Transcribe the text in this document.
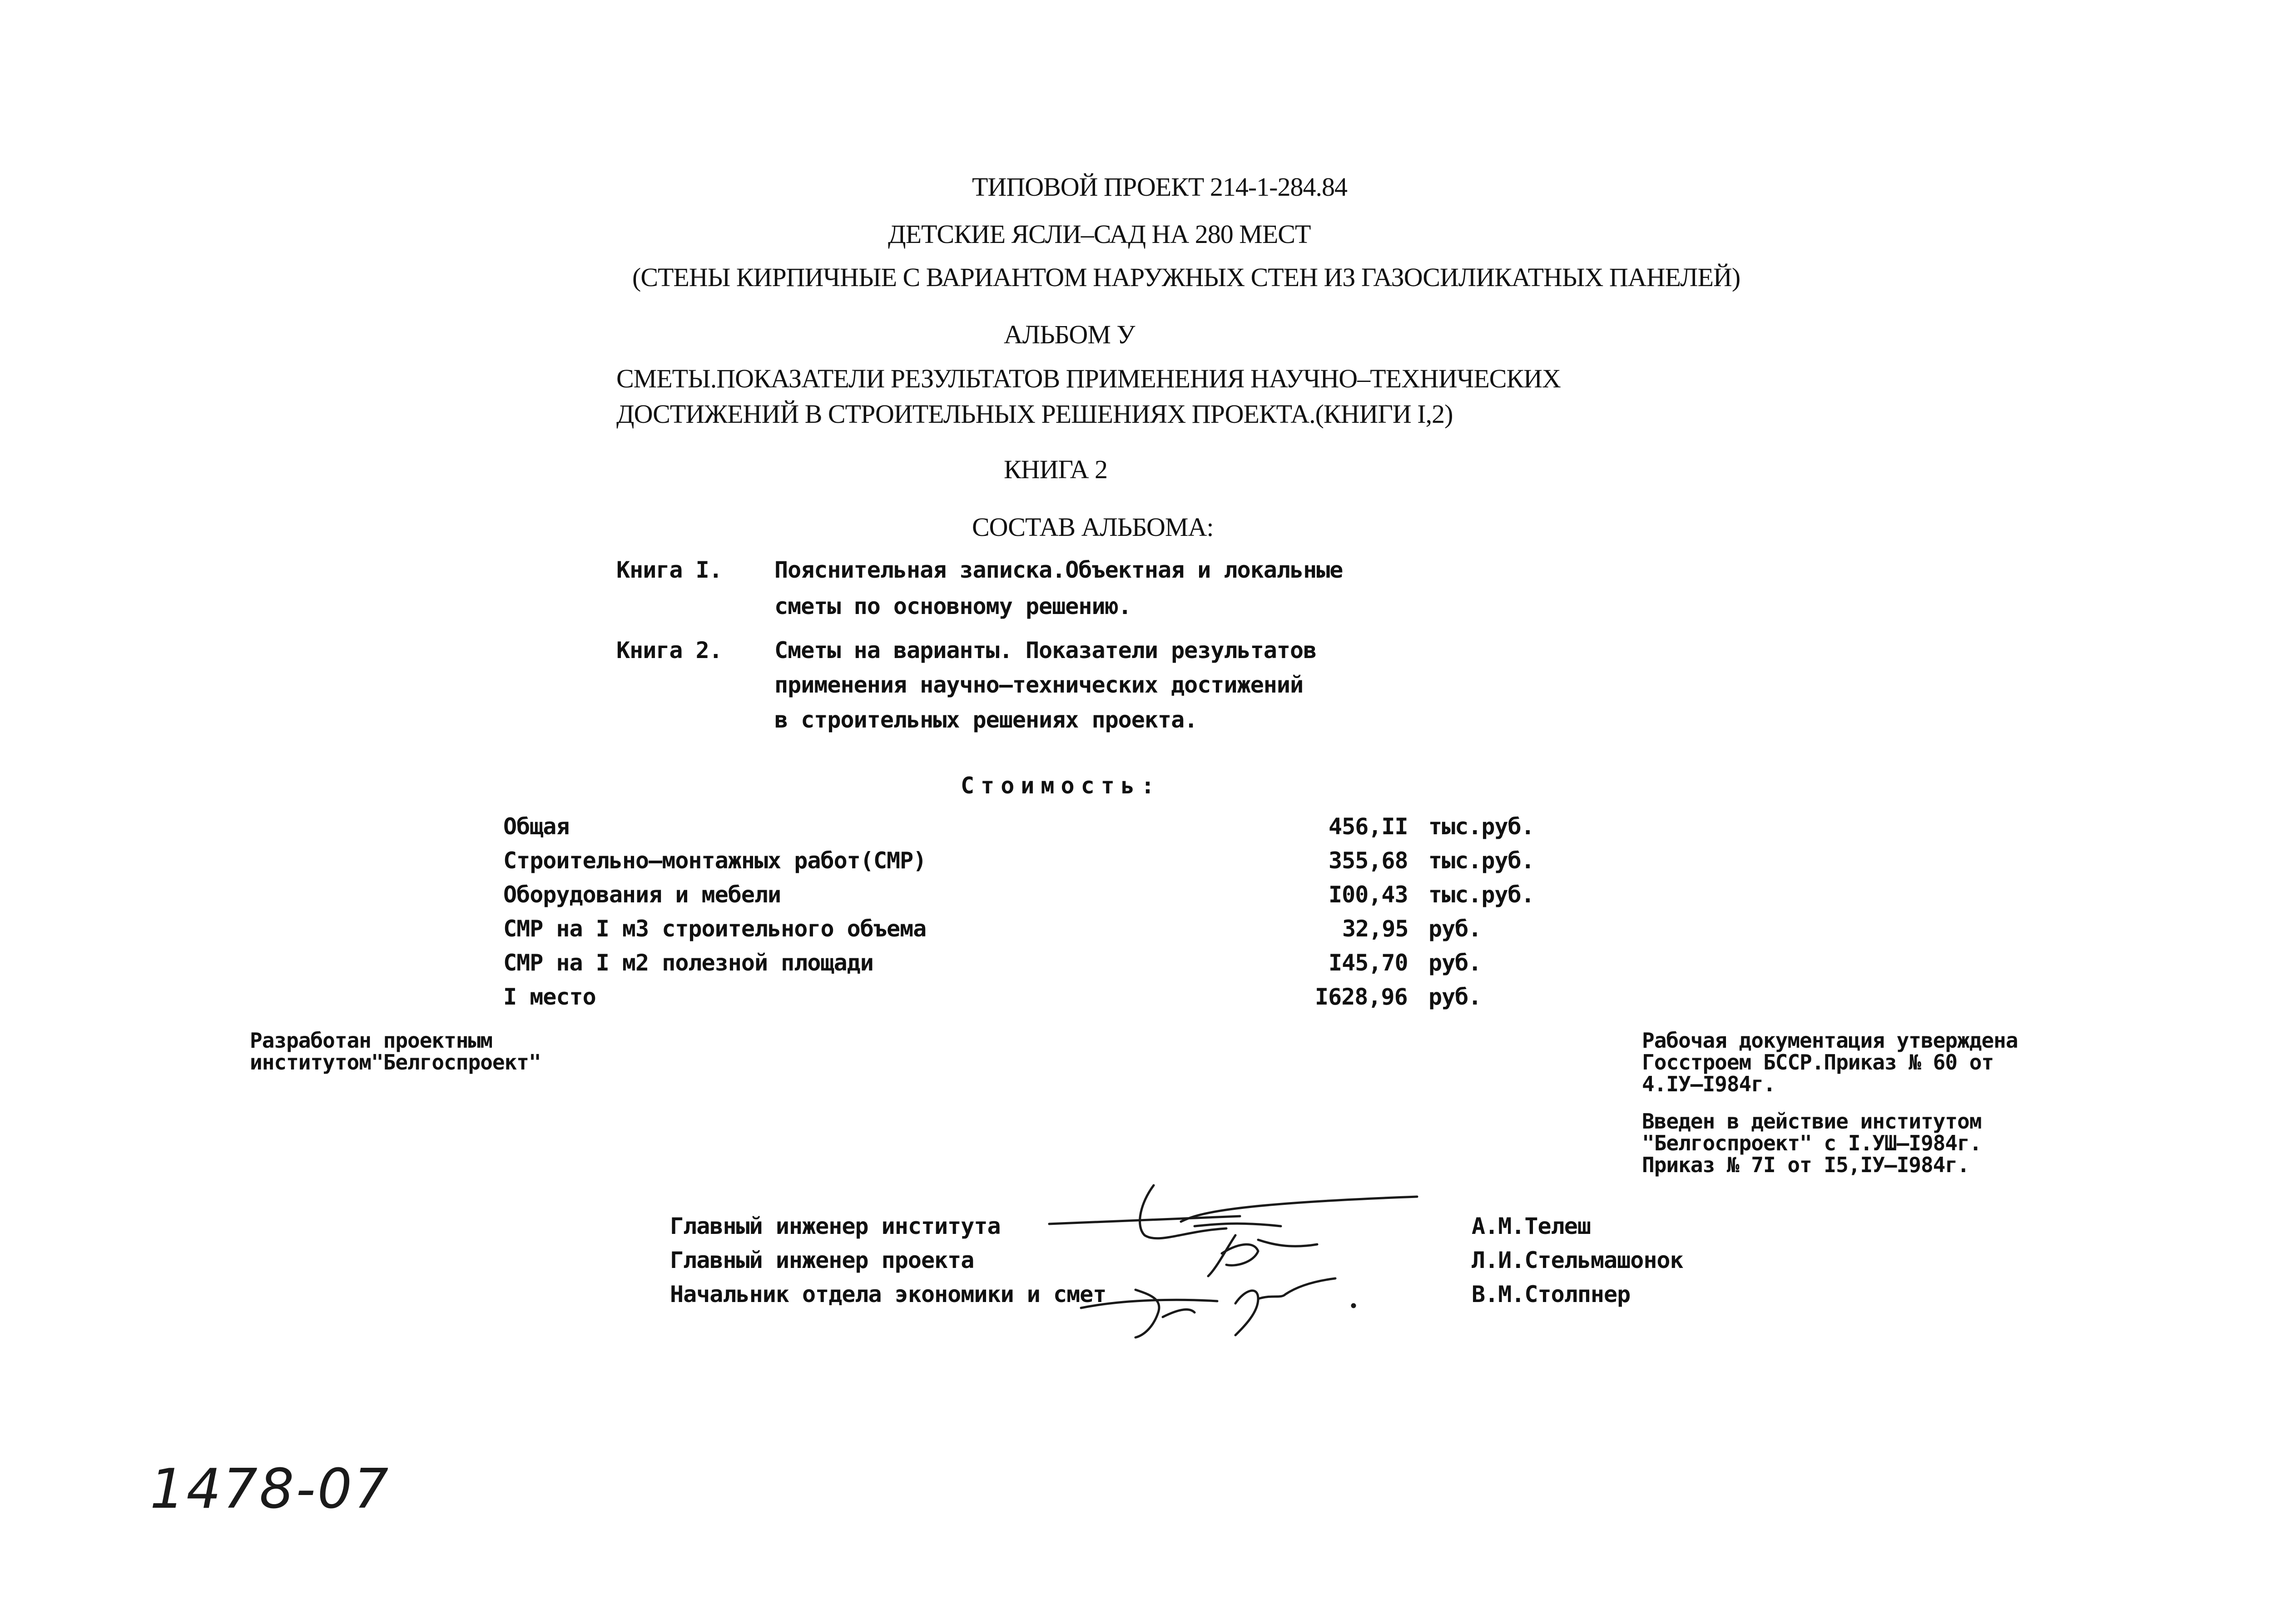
ТИПОВОЙ ПРОЕКТ 214-1-284.84
ДЕТСКИЕ ЯСЛИ–САД НА 280 МЕСТ
(СТЕНЫ КИРПИЧНЫЕ С ВАРИАНТОМ НАРУЖНЫХ СТЕН ИЗ ГАЗОСИЛИКАТНЫХ ПАНЕЛЕЙ)
АЛЬБОМ У
СМЕТЫ.ПОКАЗАТЕЛИ РЕЗУЛЬТАТОВ ПРИМЕНЕНИЯ НАУЧНО–ТЕХНИЧЕСКИХ
ДОСТИЖЕНИЙ В СТРОИТЕЛЬНЫХ РЕШЕНИЯХ ПРОЕКТА.(КНИГИ I,2)
КНИГА 2
СОСТАВ АЛЬБОМА:
Книга I. Пояснительная записка.Объектная и локальные
сметы по основному решению.
Книга 2. Сметы на варианты. Показатели результатов
применения научно–технических достижений
в строительных решениях проекта.
Стоимость:
Общая	456,II тыс.руб.
Строительно–монтажных работ(СМР)	355,68 тыс.руб.
Оборудования и мебели	I00,43 тыс.руб.
СМР на I м3 строительного объема	32,95 руб.
СМР на I м2 полезной площади	I45,70 руб.
I место	I628,96 руб.
Разработан проектным
институтом"Белгоспроект"
Рабочая документация утверждена
Госстроем БССР.Приказ № 60 от
4.IУ–I984г.
Введен в действие институтом
"Белгоспроект" с I.УШ–I984г.
Приказ № 7I от I5,IУ–I984г.
Главный инженер института	А.М.Телеш
Главный инженер проекта	Л.И.Стельмашонок
Начальник отдела экономики и смет	В.М.Столпнер
1478-07
